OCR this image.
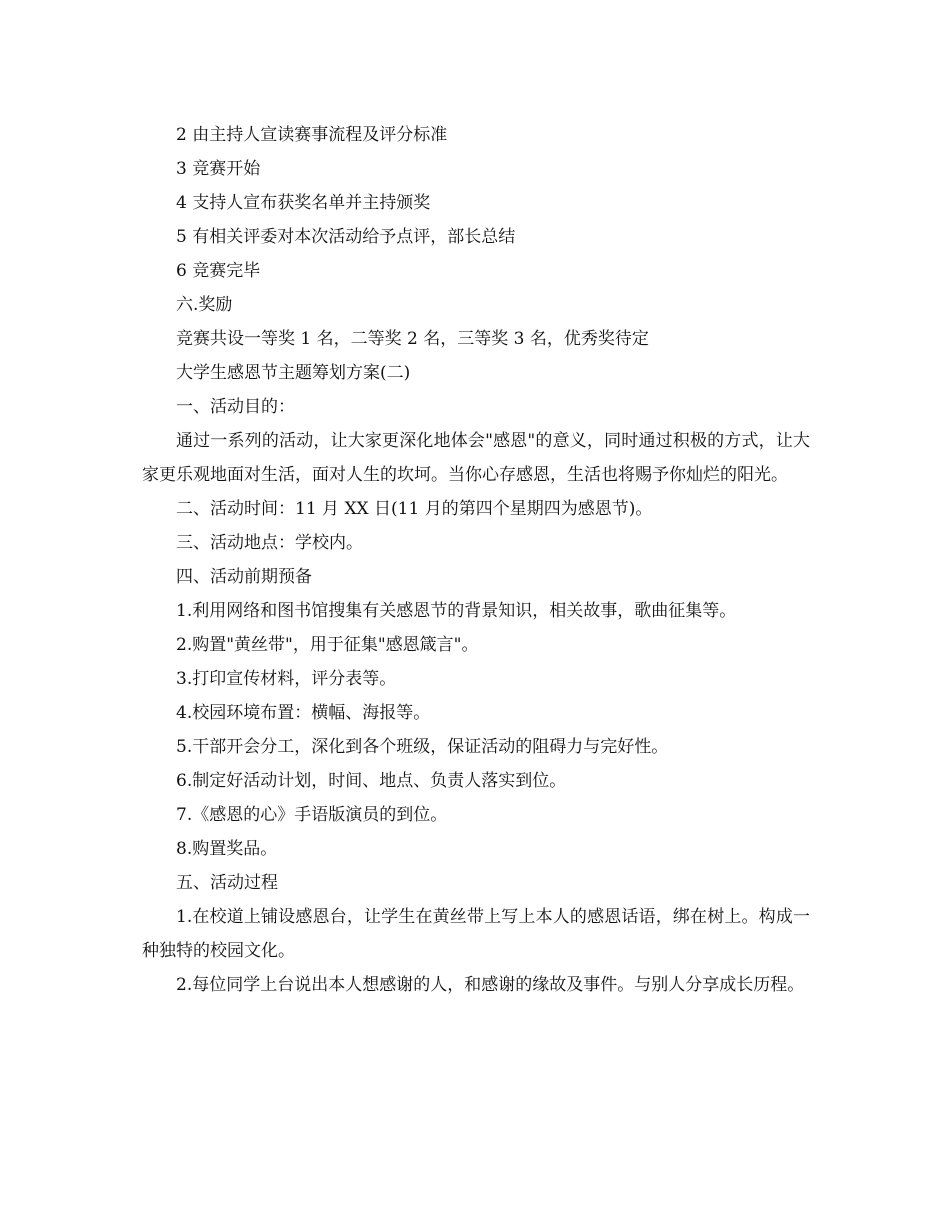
2 由主持人宣读赛事流程及评分标准

3 竞赛开始

4 支持人宣布获奖名单并主持颁奖

5 有相关评委对本次活动给予点评，部长总结

6 竞赛完毕

六.奖励

竞赛共设一等奖 1 名，二等奖 2 名，三等奖 3 名，优秀奖待定

大学生感恩节主题筹划方案(二)

一、活动目的：

通过一系列的活动，让大家更深化地体会"感恩"的意义，同时通过积极的方式，让大家更乐观地面对生活，面对人生的坎坷。当你心存感恩，生活也将赐予你灿烂的阳光。

二、活动时间：11 月 XX 日(11 月的第四个星期四为感恩节)。

三、活动地点：学校内。

四、活动前期预备

1.利用网络和图书馆搜集有关感恩节的背景知识，相关故事，歌曲征集等。

2.购置"黄丝带"，用于征集"感恩箴言"。

3.打印宣传材料，评分表等。

4.校园环境布置：横幅、海报等。

5.干部开会分工，深化到各个班级，保证活动的阻碍力与完好性。

6.制定好活动计划，时间、地点、负责人落实到位。

7.《感恩的心》手语版演员的到位。

8.购置奖品。

五、活动过程

1.在校道上铺设感恩台，让学生在黄丝带上写上本人的感恩话语，绑在树上。构成一种独特的校园文化。

2.每位同学上台说出本人想感谢的人，和感谢的缘故及事件。与别人分享成长历程。
